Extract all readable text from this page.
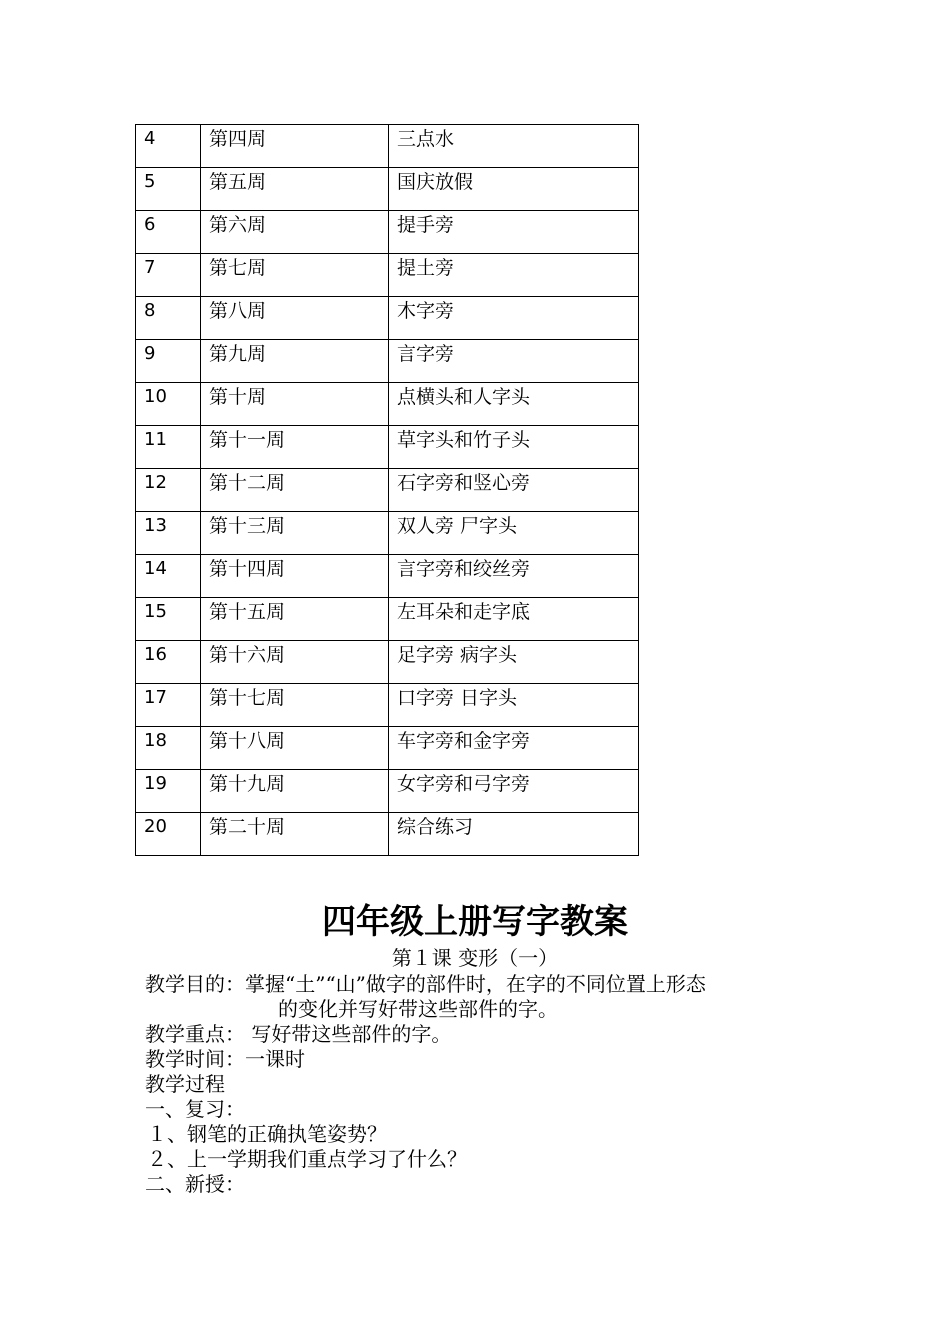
4	第四周	三点水
5	第五周	国庆放假
6	第六周	提手旁
7	第七周	提土旁
8	第八周	木字旁
9	第九周	言字旁
10	第十周	点横头和人字头
11	第十一周	草字头和竹子头
12	第十二周	石字旁和竖心旁
13	第十三周	双人旁 尸字头
14	第十四周	言字旁和绞丝旁
15	第十五周	左耳朵和走字底
16	第十六周	足字旁 病字头
17	第十七周	口字旁 日字头
18	第十八周	车字旁和金字旁
19	第十九周	女字旁和弓字旁
20	第二十周	综合练习
四年级上册写字教案

第１课 变形（一）

教学目的：掌握“土”“山”做字的部件时，在字的不同位置上形态

的变化并写好带这些部件的字。

教学重点： 写好带这些部件的字。

教学时间：一课时

教学过程

一、复习：

１、钢笔的正确执笔姿势？

２、上一学期我们重点学习了什么？

二、新授：
